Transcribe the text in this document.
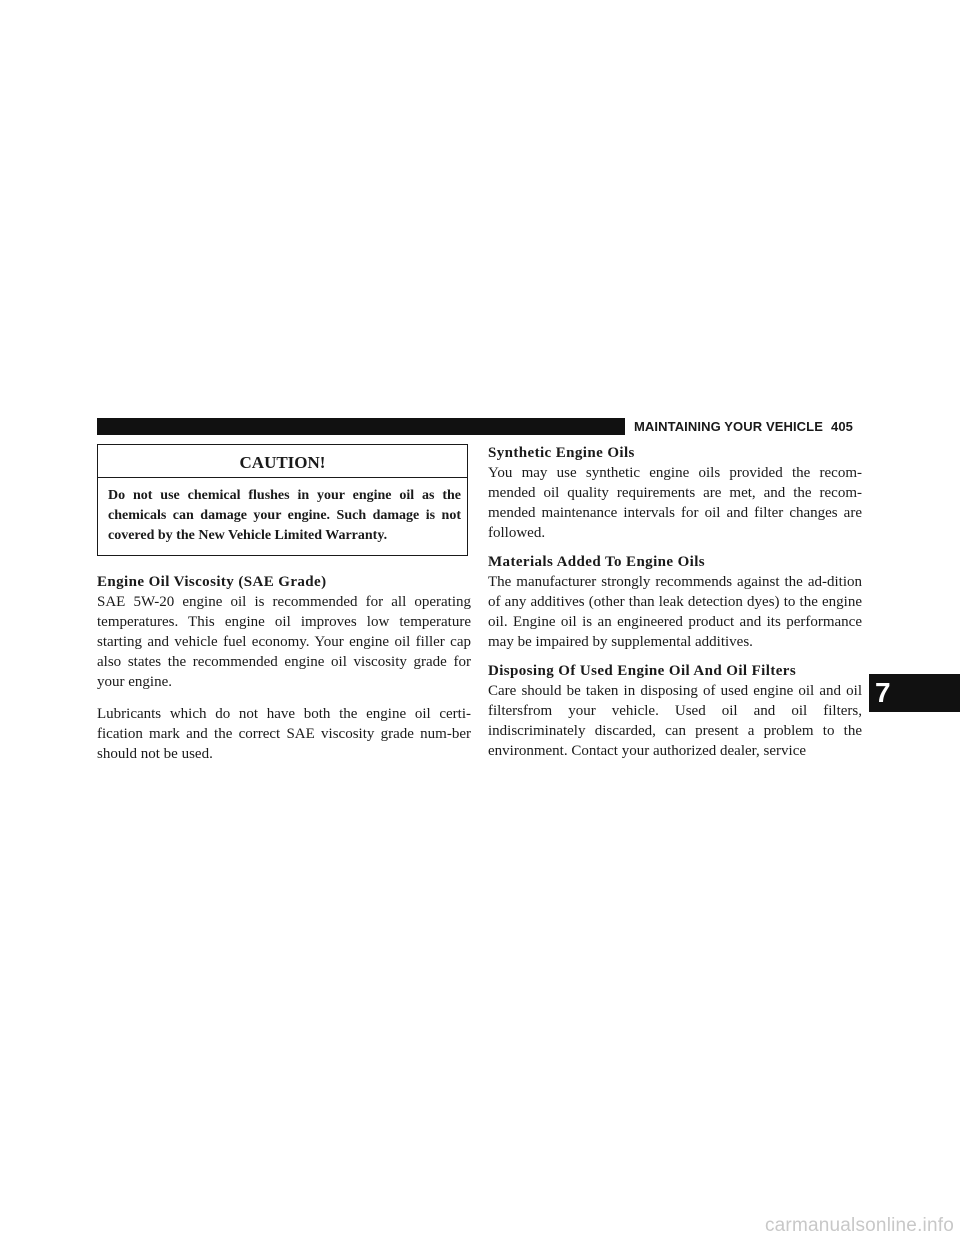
MAINTAINING YOUR VEHICLE 405
CAUTION!
Do not use chemical flushes in your engine oil as the chemicals can damage your engine. Such damage is not covered by the New Vehicle Limited Warranty.
Engine Oil Viscosity (SAE Grade)

SAE 5W-20 engine oil is recommended for all operating temperatures. This engine oil improves low temperature starting and vehicle fuel economy. Your engine oil filler cap also states the recommended engine oil viscosity grade for your engine.

Lubricants which do not have both the engine oil certi-fication mark and the correct SAE viscosity grade num-ber should not be used.

Synthetic Engine Oils

You may use synthetic engine oils provided the recom-mended oil quality requirements are met, and the recom-mended maintenance intervals for oil and filter changes are followed.

Materials Added To Engine Oils

The manufacturer strongly recommends against the ad-dition of any additives (other than leak detection dyes) to the engine oil. Engine oil is an engineered product and its performance may be impaired by supplemental additives.

Disposing Of Used Engine Oil And Oil Filters

Care should be taken in disposing of used engine oil and oil filtersfrom your vehicle. Used oil and oil filters, indiscriminately discarded, can present a problem to the environment. Contact your authorized dealer, service

7
carmanualsonline.info
